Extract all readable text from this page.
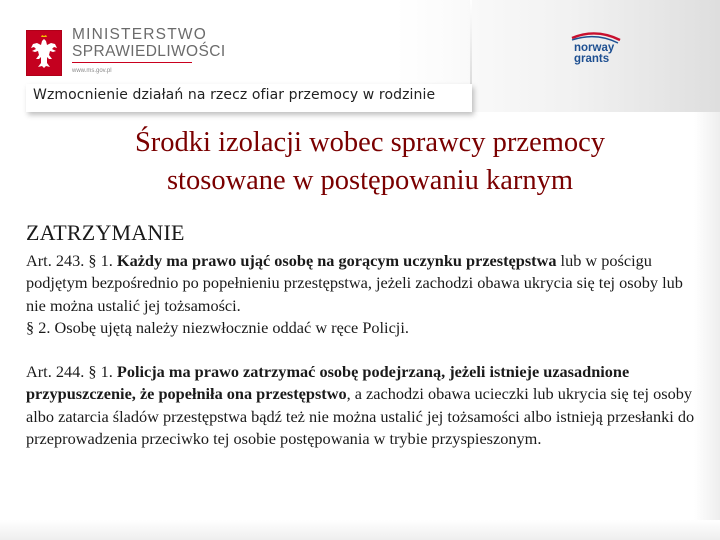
MINISTERSTWO
SPRAWIEDLIWOŚCI
www.ms.gov.pl
Wzmocnienie działań na rzecz ofiar przemocy w rodzinie
norway
grants
Środki izolacji wobec sprawcy przemocy
stosowane w postępowaniu karnym
ZATRZYMANIE

Art. 243. § 1. Każdy ma prawo ująć osobę na gorącym uczynku przestępstwa lub w pościgu podjętym bezpośrednio po popełnieniu przestępstwa, jeżeli zachodzi obawa ukrycia się tej osoby lub nie można ustalić jej tożsamości.

§ 2. Osobę ujętą należy niezwłocznie oddać w ręce Policji.

Art. 244. § 1. Policja ma prawo zatrzymać osobę podejrzaną, jeżeli istnieje uzasadnione przypuszczenie, że popełniła ona przestępstwo, a zachodzi obawa ucieczki lub ukrycia się tej osoby albo zatarcia śladów przestępstwa bądź też nie można ustalić jej tożsamości albo istnieją przesłanki do przeprowadzenia przeciwko tej osobie postępowania w trybie przyspieszonym.
